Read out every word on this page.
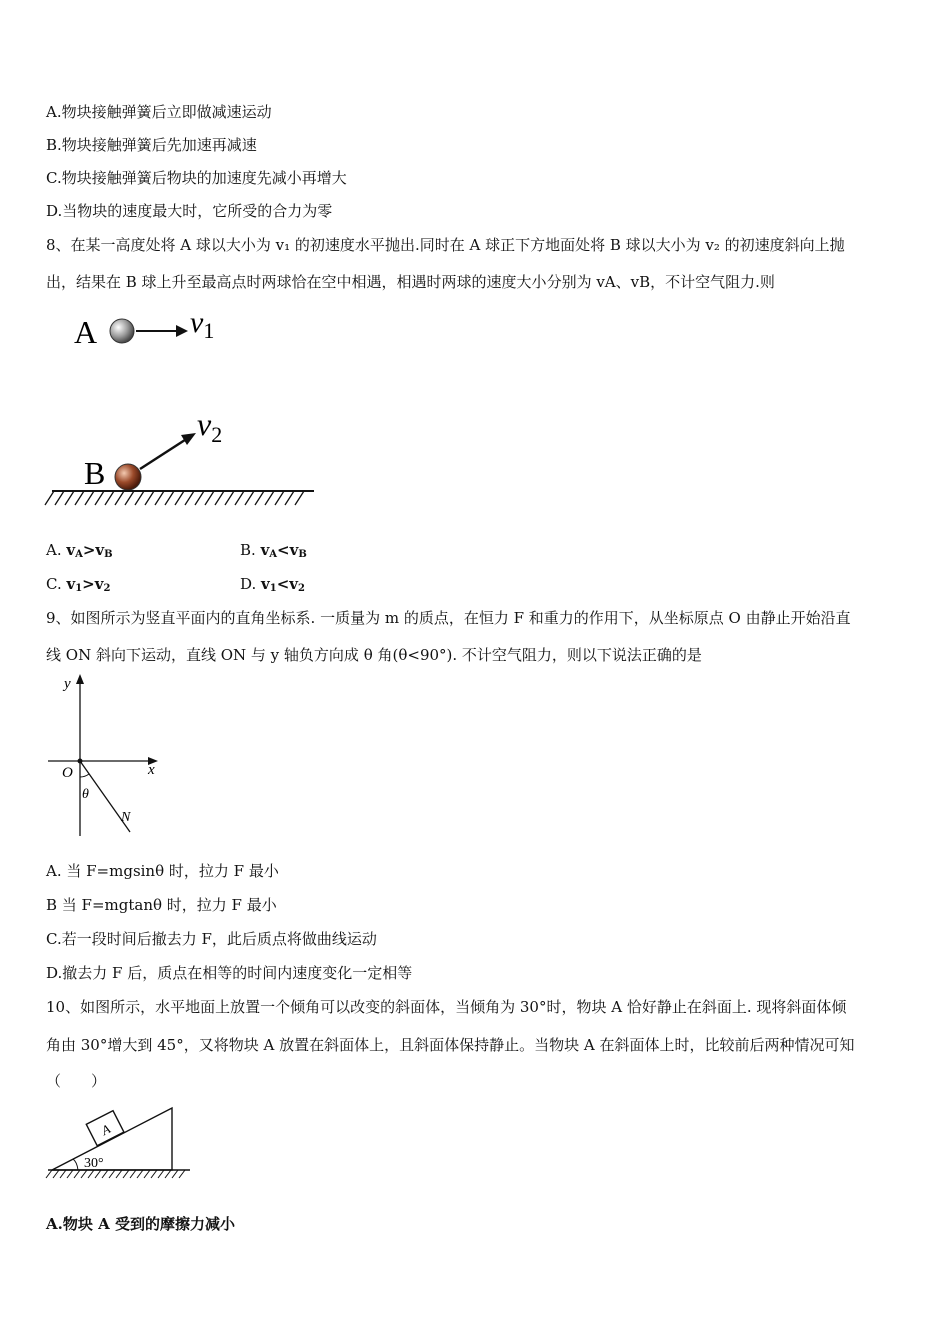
A.物块接触弹簧后立即做减速运动
B.物块接触弹簧后先加速再减速
C.物块接触弹簧后物块的加速度先减小再增大
D.当物块的速度最大时，它所受的合力为零
8、在某一高度处将 A 球以大小为 v₁ 的初速度水平抛出.同时在 A 球正下方地面处将 B 球以大小为 v₂ 的初速度斜向上抛
出，结果在 B 球上升至最高点时两球恰在空中相遇，相遇时两球的速度大小分别为 vA、vB，不计空气阻力.则
A	$v_1$
B
$v_2$
A. $v_A>v_B$	B. $v_A<v_B$
C. $v_1>v_2$	D. $v_1<v_2$
9、如图所示为竖直平面内的直角坐标系. 一质量为 m 的质点，在恒力 F 和重力的作用下，从坐标原点 O 由静止开始沿直
线 ON 斜向下运动，直线 ON 与 y 轴负方向成 θ 角(θ<90°). 不计空气阻力，则以下说法正确的是
y
x
O
θ
N
A. 当 F=mgsinθ 时，拉力 F 最小
B 当 F=mgtanθ 时，拉力 F 最小
C.若一段时间后撤去力 F，此后质点将做曲线运动
D.撤去力 F 后，质点在相等的时间内速度变化一定相等
10、如图所示，水平地面上放置一个倾角可以改变的斜面体，当倾角为 30°时，物块 A 恰好静止在斜面上. 现将斜面体倾
角由 30°增大到 45°，又将物块 A 放置在斜面体上，且斜面体保持静止。当物块 A 在斜面体上时，比较前后两种情况可知
（　　）
A
30°
A.物块 A 受到的摩擦力减小
